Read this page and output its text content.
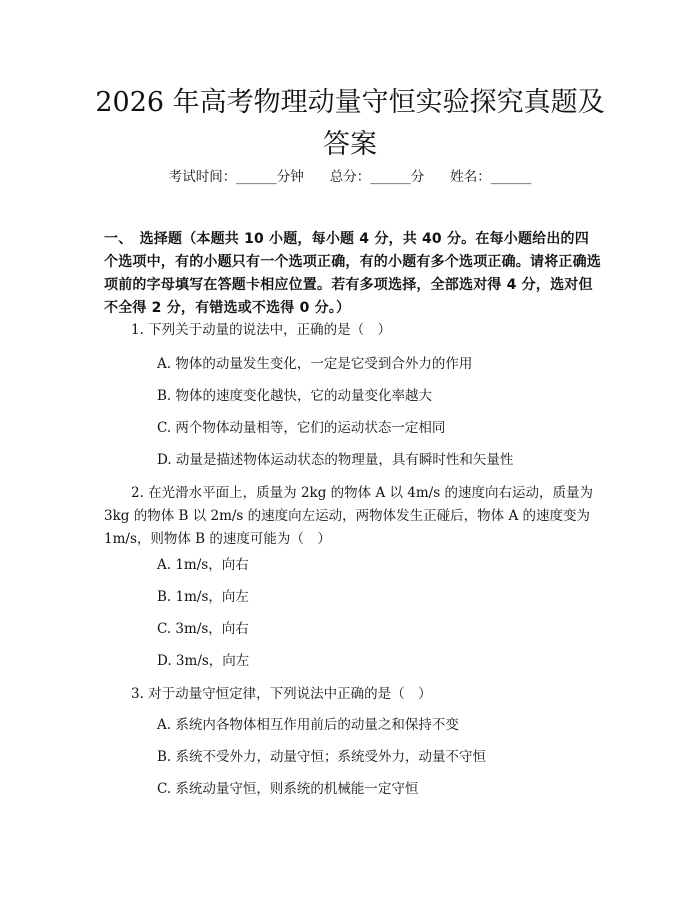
2026 年高考物理动量守恒实验探究真题及答案
考试时间：______分钟 总分：______分 姓名：______
一、　选择题（本题共 10 小题，每小题 4 分，共 40 分。在每小题给出的四个选项中，有的小题只有一个选项正确，有的小题有多个选项正确。请将正确选项前的字母填写在答题卡相应位置。若有多项选择，全部选对得 4 分，选对但不全得 2 分，有错选或不选得 0 分。）
1. 下列关于动量的说法中，正确的是（　）
A. 物体的动量发生变化，一定是它受到合外力的作用
B. 物体的速度变化越快，它的动量变化率越大
C. 两个物体动量相等，它们的运动状态一定相同
D. 动量是描述物体运动状态的物理量，具有瞬时性和矢量性
2. 在光滑水平面上，质量为 2kg 的物体 A 以 4m/s 的速度向右运动，质量为 3kg 的物体 B 以 2m/s 的速度向左运动，两物体发生正碰后，物体 A 的速度变为 1m/s，则物体 B 的速度可能为（　）
A. 1m/s，向右
B. 1m/s，向左
C. 3m/s，向右
D. 3m/s，向左
3. 对于动量守恒定律，下列说法中正确的是（　）
A. 系统内各物体相互作用前后的动量之和保持不变
B. 系统不受外力，动量守恒；系统受外力，动量不守恒
C. 系统动量守恒，则系统的机械能一定守恒
